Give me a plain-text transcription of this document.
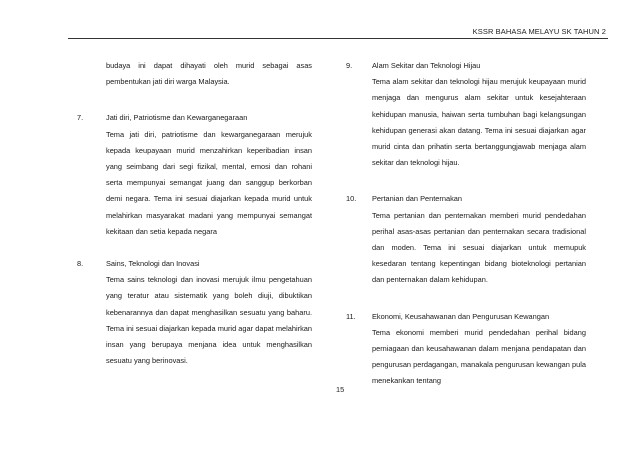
KSSR BAHASA MELAYU SK TAHUN 2
budaya ini dapat dihayati oleh murid sebagai asas pembentukan jati diri warga Malaysia.
7.	Jati diri, Patriotisme dan Kewarganegaraan
Tema jati diri, patriotisme dan kewarganegaraan merujuk kepada keupayaan murid menzahirkan keperibadian insan yang seimbang dari segi fizikal, mental, emosi dan rohani serta mempunyai semangat juang dan sanggup berkorban demi negara. Tema ini sesuai diajarkan kepada murid untuk melahirkan masyarakat madani yang mempunyai semangat kekitaan dan setia kepada negara
8.	Sains, Teknologi dan Inovasi
Tema sains teknologi dan inovasi merujuk ilmu pengetahuan yang teratur atau sistematik yang boleh diuji, dibuktikan kebenarannya dan dapat menghasilkan sesuatu yang baharu. Tema ini sesuai diajarkan kepada murid agar dapat melahirkan insan yang berupaya menjana idea untuk menghasilkan sesuatu yang berinovasi.
9.	Alam Sekitar dan Teknologi Hijau
Tema alam sekitar dan teknologi hijau merujuk keupayaan murid menjaga dan mengurus alam sekitar untuk kesejahteraan kehidupan manusia, haiwan serta tumbuhan bagi kelangsungan kehidupan generasi akan datang. Tema ini sesuai diajarkan agar murid cinta dan prihatin serta bertanggungjawab menjaga alam sekitar dan teknologi hijau.
10. Pertanian dan Penternakan
Tema pertanian dan penternakan memberi murid pendedahan perihal asas-asas pertanian dan penternakan secara tradisional dan moden. Tema ini sesuai diajarkan untuk memupuk kesedaran tentang kepentingan bidang bioteknologi pertanian dan penternakan dalam kehidupan.
11. Ekonomi, Keusahawanan dan Pengurusan Kewangan
Tema ekonomi memberi murid pendedahan perihal bidang perniagaan dan keusahawanan dalam menjana pendapatan dan pengurusan perdagangan, manakala pengurusan kewangan pula menekankan tentang
15
